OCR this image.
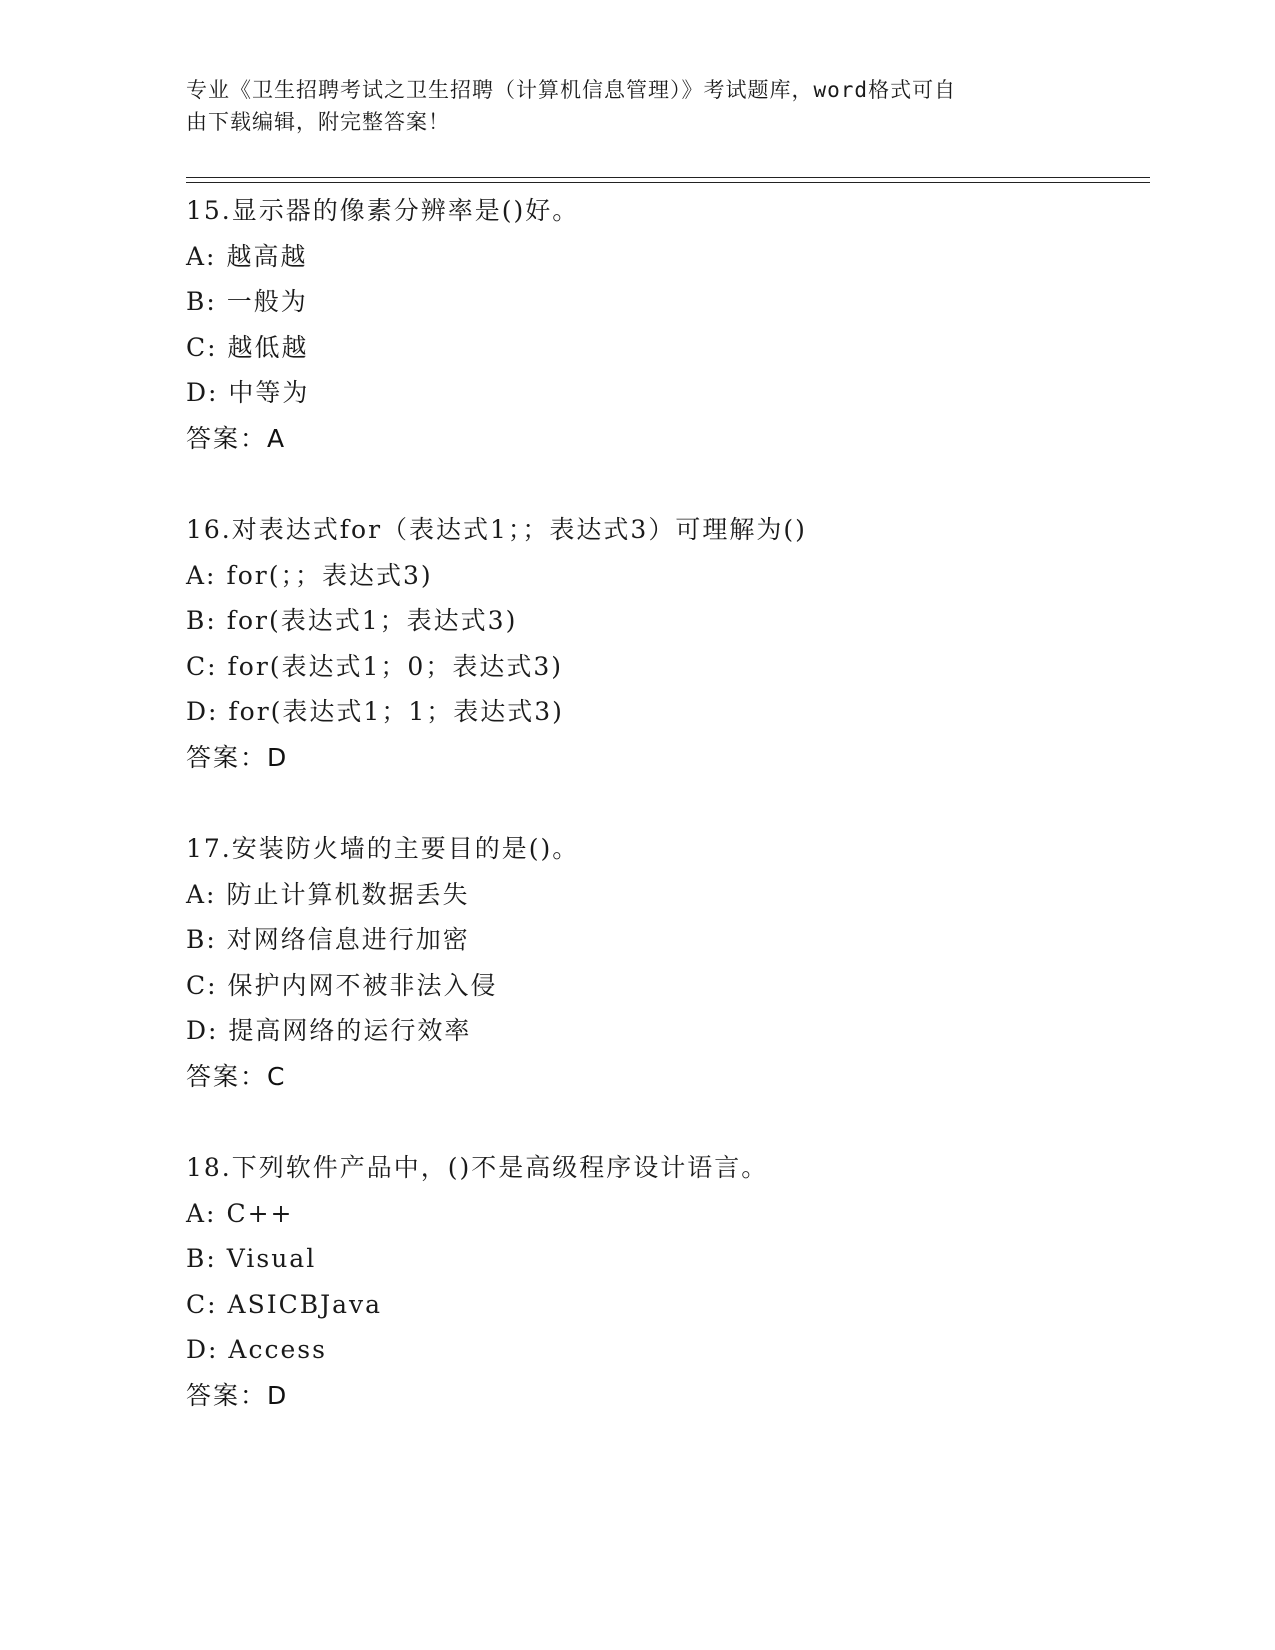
专业《卫生招聘考试之卫生招聘（计算机信息管理）》考试题库，word格式可自
由下载编辑，附完整答案！
15.显示器的像素分辨率是()好。
A: 越高越
B: 一般为
C: 越低越
D: 中等为
答案：A
16.对表达式for（表达式1；；表达式3）可理解为()
A: for(；；表达式3)
B: for(表达式1；表达式3)
C: for(表达式1；0；表达式3)
D: for(表达式1；1；表达式3)
答案：D
17.安装防火墙的主要目的是()。
A: 防止计算机数据丢失
B: 对网络信息进行加密
C: 保护内网不被非法入侵
D: 提高网络的运行效率
答案：C
18.下列软件产品中，()不是高级程序设计语言。
A: C++
B: Visual
C: ASICBJava
D: Access
答案：D
